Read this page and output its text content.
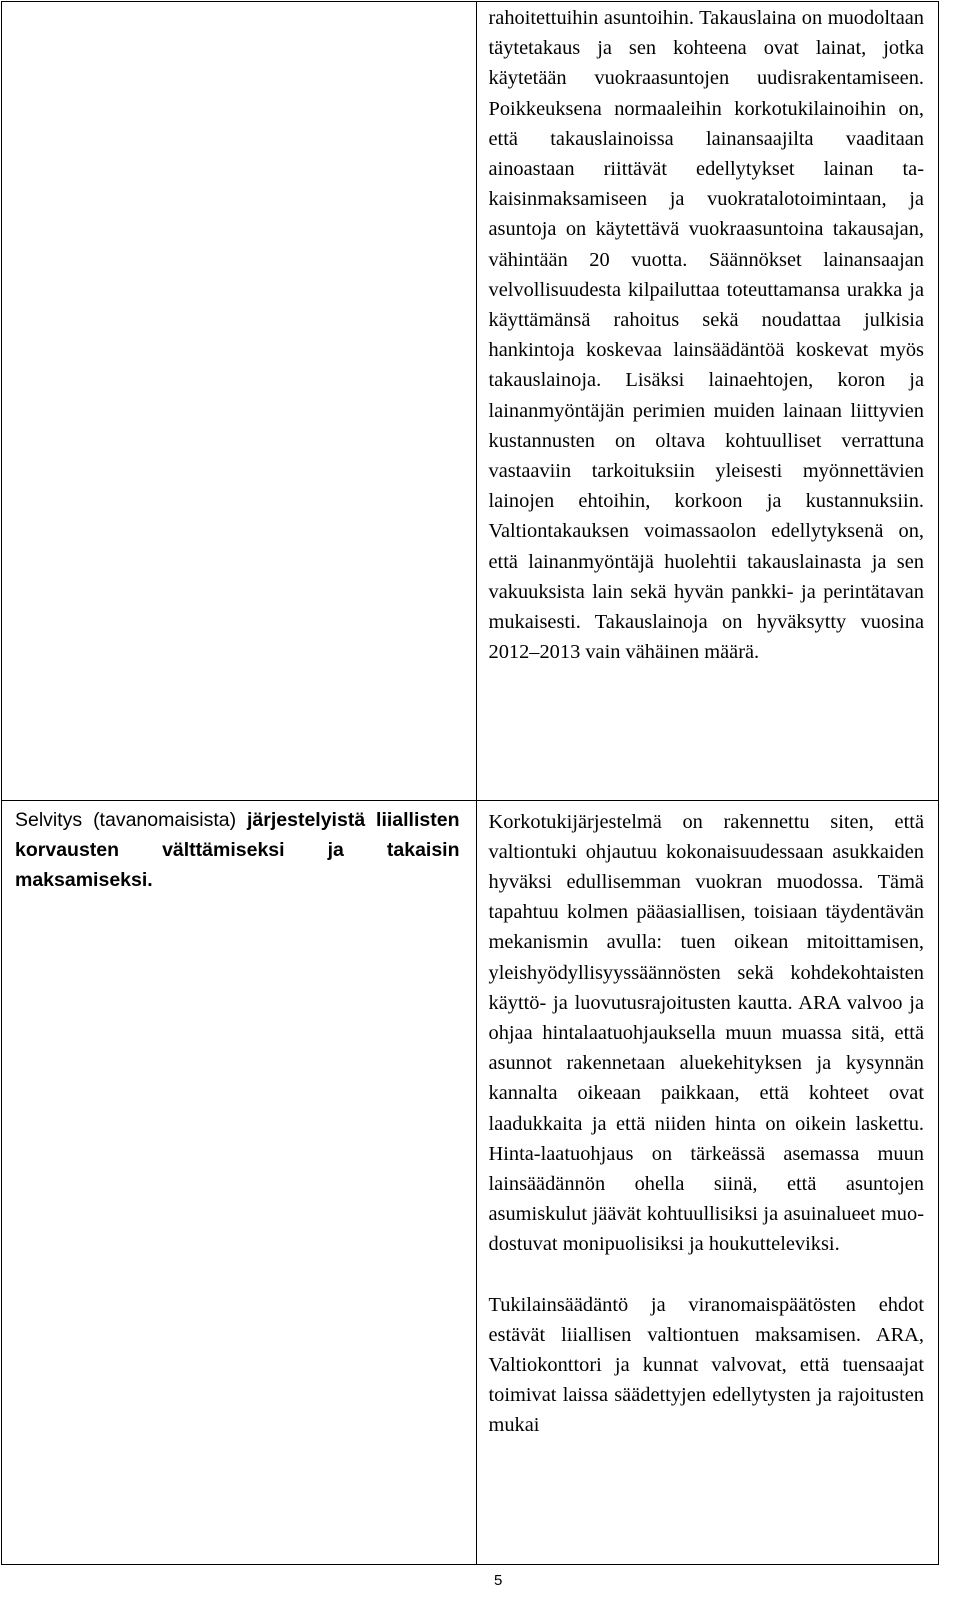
	rahoitettuihin asuntoihin. Takauslaina on muodoltaan täytetakaus ja sen kohteena ovat lainat, jotka käytetään vuokraasuntojen uudisrakentamiseen. Poikkeuksena normaaleihin korkotukilainoihin on, että takauslainoissa lainansaajilta vaaditaan ainoastaan riittävät edellytykset lainan takaisinmaksamiseen ja vuokratalotoimintaan, ja asuntoja on käytettävä vuokraasuntoina takausajan, vähintään 20 vuotta. Säännökset lainansaajan velvollisuudesta kilpailuttaa toteuttamansa urakka ja käyttämänsä rahoitus sekä noudattaa julkisia hankintoja koskevaa lainsäädäntöä koskevat myös takauslainoja. Lisäksi lainaehtojen, koron ja lainanmyöntäjän perimien muiden lainaan liittyvien kustannusten on oltava kohtuulliset verrattuna vastaaviin tarkoituksiin yleisesti myönnettävien lainojen ehtoihin, korkoon ja kustannuksiin. Valtiontakauksen voimassaolon edellytyksenä on, että lainanmyöntäjä huolehtii takauslainasta ja sen vakuuksista lain sekä hyvän pankki- ja perintätavan mukaisesti. Takauslainoja on hyväksytty vuosina 2012–2013 vain vähäinen määrä.

Selvitys (tavanomaisista) järjestelyistä liiallisten korvausten välttämiseksi ja takaisin maksamiseksi.	Korkotukijärjestelmä on rakennettu siten, että valtiontuki ohjautuu kokonaisuudessaan asukkaiden hyväksi edullisemman vuokran muodossa. Tämä tapahtuu kolmen pääasiallisen, toisiaan täydentävän mekanismin avulla: tuen oikean mitoittamisen, yleishyödyllisyyssäännösten sekä kohdekohtaisten käyttö- ja luovutusrajoitusten kautta. ARA valvoo ja ohjaa hintalaatuohjauksella muun muassa sitä, että asunnot rakennetaan aluekehityksen ja kysynnän kannalta oikeaan paikkaan, että kohteet ovat laadukkaita ja että niiden hinta on oikein laskettu. Hinta-laatuohjaus on tärkeässä asemassa muun lainsäädännön ohella siinä, että asuntojen asumiskulut jäävät kohtuullisiksi ja asuinalueet muodostuvat monipuolisiksi ja houkutteleviksi.

Tukilainsäädäntö ja viranomaispäätösten ehdot estävät liiallisen valtiontuen maksamisen. ARA, Valtiokonttori ja kunnat valvovat, että tuensaajat toimivat laissa säädettyjen edellytysten ja rajoitusten mukai

5
